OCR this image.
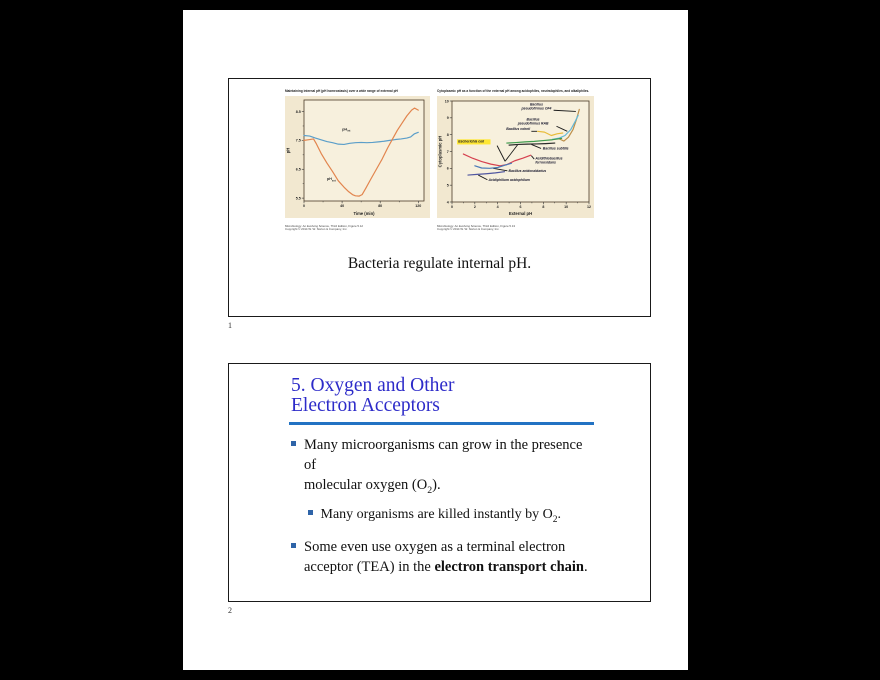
Maintaining internal pH (pH homeostasis) over a wide range of external pH
0	40	80	120
5.5
6.5
7.5
8.5
Time (min)
pH
$pH_{int}$
$pH_{ext}$
Microbiology: An Evolving Science, Third Edition, Figure 5.12
Copyright © 2014 W. W. Norton & Company, Inc.
Cytoplasmic pH as a function of the external pH among acidophiles, neutralophiles, and alkaliphiles.
0	2	4	6	8	10	12
4
5
6
7
8
9
10
External pH
Cytoplasmic pH
Bacillus pseudofirmus OF4
Bacillus pseudofirmus RAB
Bacillus cohnii
Escherichia coli
Bacillus subtilis
Acidithiobacillus ferrooxidans
Bacillus acidocaldarius
Acidiphilium acidophilum
Microbiology: An Evolving Science, Third Edition, Figure 5.13
Copyright © 2014 W. W. Norton & Company, Inc.
Bacteria regulate internal pH.
1
5. Oxygen and Other
Electron Acceptors
Many microorganisms can grow in the presence of
molecular oxygen $(O_2)$.
Many organisms are killed instantly by $O_2$.
Some even use oxygen as a terminal electron
acceptor (TEA) in the electron transport chain.
2
